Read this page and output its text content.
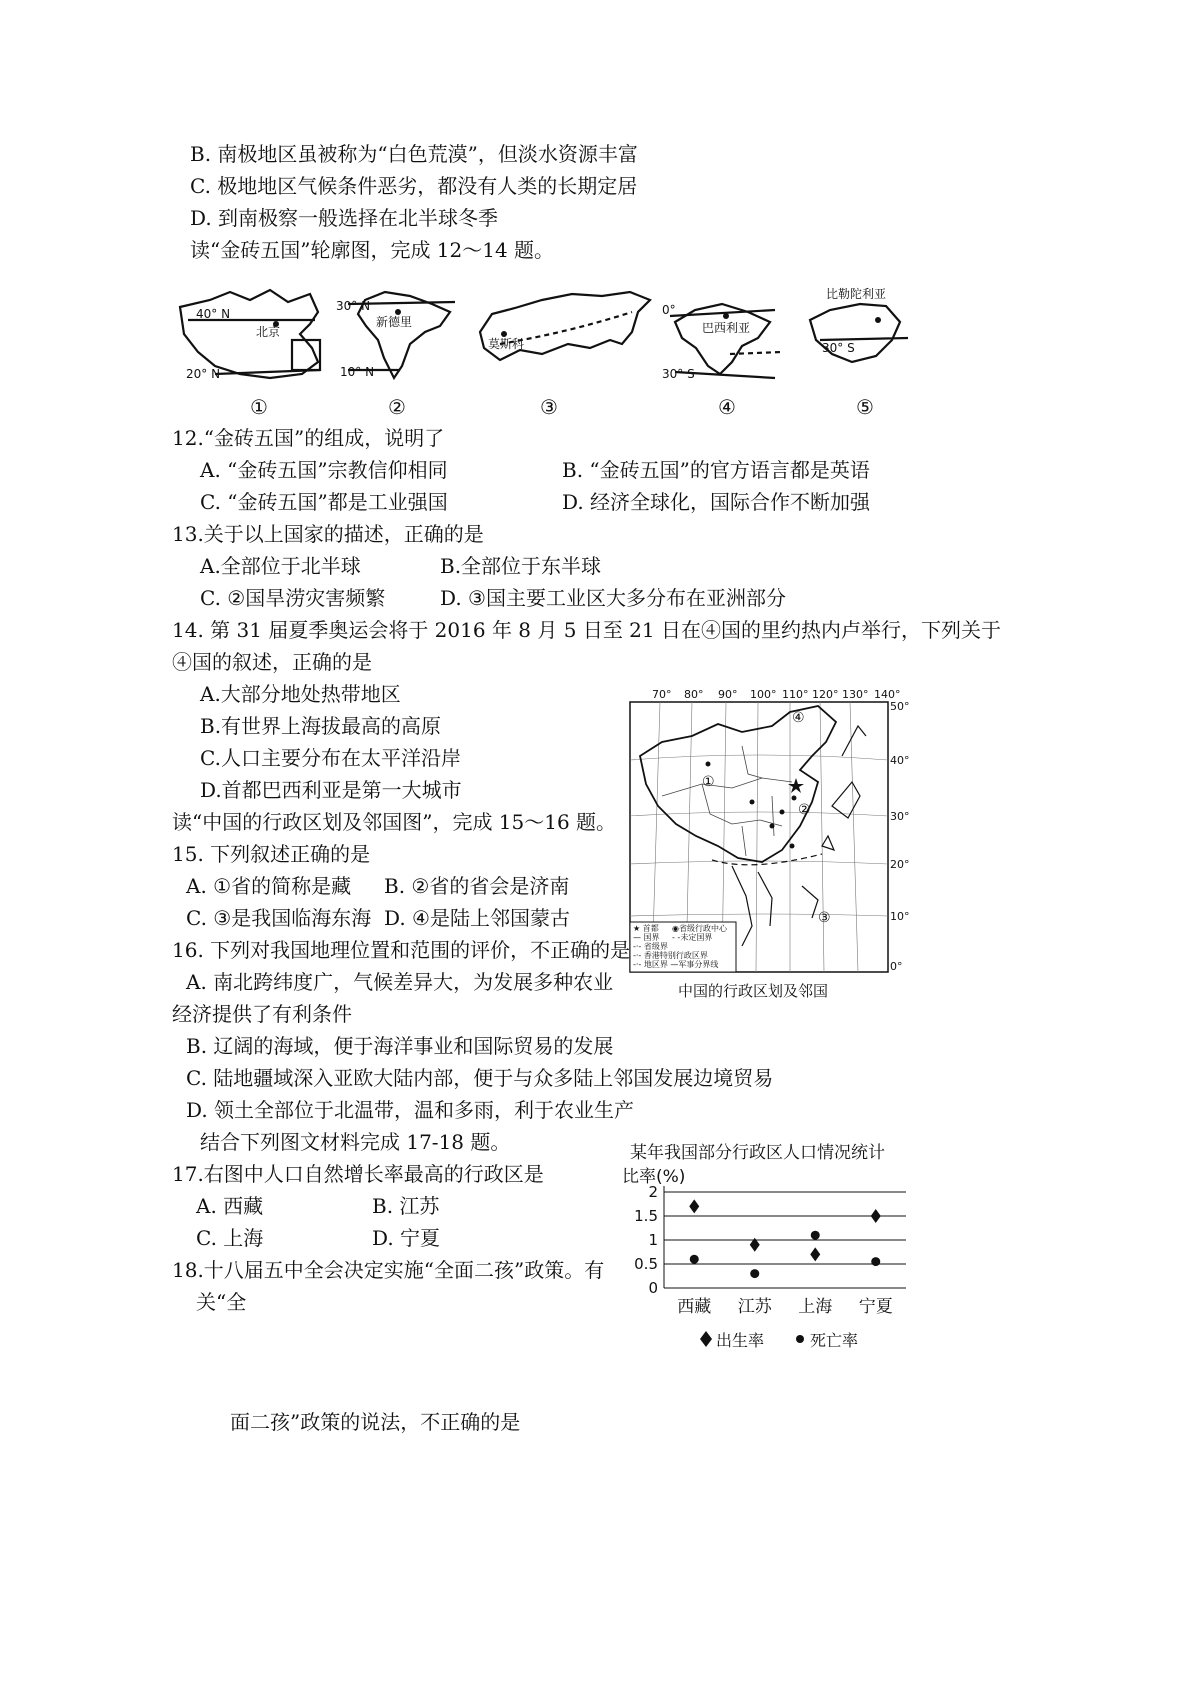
B. 南极地区虽被称为“白色荒漠”，但淡水资源丰富
C. 极地地区气候条件恶劣，都没有人类的长期定居
D. 到南极察一般选择在北半球冬季
读“金砖五国”轮廓图，完成 12～14 题。
40° N
北京
20° N
30° N
新德里
10° N
莫斯科
0°
巴西利亚
30° S
比勒陀利亚
30° S
①	②	③	④	⑤
12.“金砖五国”的组成，说明了
A. “金砖五国”宗教信仰相同	B. “金砖五国”的官方语言都是英语
C. “金砖五国”都是工业强国	D. 经济全球化，国际合作不断加强
13.关于以上国家的描述，正确的是
A.全部位于北半球	B.全部位于东半球
C. ②国旱涝灾害频繁	D. ③国主要工业区大多分布在亚洲部分
14. 第 31 届夏季奥运会将于 2016 年 8 月 5 日至 21 日在④国的里约热内卢举行，下列关于
④国的叙述，正确的是
A.大部分地处热带地区
B.有世界上海拔最高的高原
C.人口主要分布在太平洋沿岸
D.首都巴西利亚是第一大城市
读“中国的行政区划及邻国图”，完成 15～16 题。
15. 下列叙述正确的是
A. ①省的简称是藏 B. ②省的省会是济南
C. ③是我国临海东海 D. ④是陆上邻国蒙古
16. 下列对我国地理位置和范围的评价，不正确的是
A. 南北跨纬度广，气候差异大，为发展多种农业
经济提供了有利条件
B. 辽阔的海域，便于海洋事业和国际贸易的发展
C. 陆地疆域深入亚欧大陆内部，便于与众多陆上邻国发展边境贸易
D. 领土全部位于北温带，温和多雨，利于农业生产
70° 80° 90° 100° 110° 120° 130° 140°
50°
40°
30°
20°
10°
0°
①
②
③
④
★ 首都 ◉省级行政中心
— 国界 - -未定国界
-·- 省级界
-·- 香港特别行政区界
-·- 地区界 —军事分界线
中国的行政区划及邻国
结合下列图文材料完成 17-18 题。
17.右图中人口自然增长率最高的行政区是
A. 西藏	B. 江苏
C. 上海	D. 宁夏
18.十八届五中全会决定实施“全面二孩”政策。有
关“全
面二孩”政策的说法，不正确的是
某年我国部分行政区人口情况统计
比率(%)
0
0.5
1
1.5
2
西藏 江苏 上海 宁夏
出生率	死亡率
